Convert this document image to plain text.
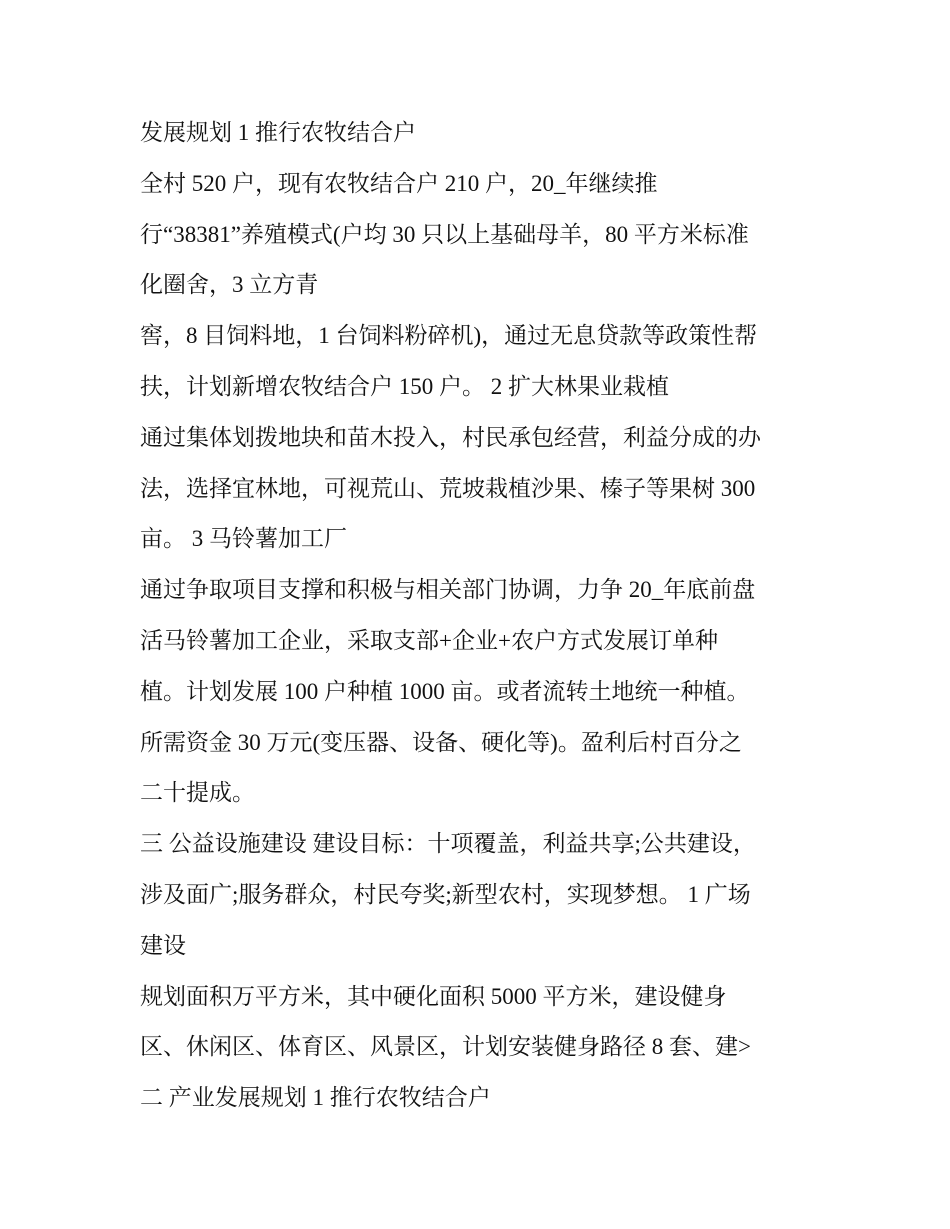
发展规划 1 推行农牧结合户
全村 520 户，现有农牧结合户 210 户，20_年继续推
行“38381”养殖模式(户均 30 只以上基础母羊，80 平方米标准
化圈舍，3 立方青
窖，8 目饲料地，1 台饲料粉碎机)，通过无息贷款等政策性帮
扶，计划新增农牧结合户 150 户。 2 扩大林果业栽植
通过集体划拨地块和苗木投入，村民承包经营，利益分成的办
法，选择宜林地，可视荒山、荒坡栽植沙果、榛子等果树 300
亩。 3 马铃薯加工厂
通过争取项目支撑和积极与相关部门协调，力争 20_年底前盘
活马铃薯加工企业，采取支部+企业+农户方式发展订单种
植。计划发展 100 户种植 1000 亩。或者流转土地统一种植。
所需资金 30 万元(变压器、设备、硬化等)。盈利后村百分之
二十提成。
三 公益设施建设 建设目标：十项覆盖，利益共享;公共建设，
涉及面广;服务群众，村民夸奖;新型农村，实现梦想。 1 广场
建设
规划面积万平方米，其中硬化面积 5000 平方米，建设健身
区、休闲区、体育区、风景区，计划安装健身路径 8 套、建>
二 产业发展规划 1 推行农牧结合户
